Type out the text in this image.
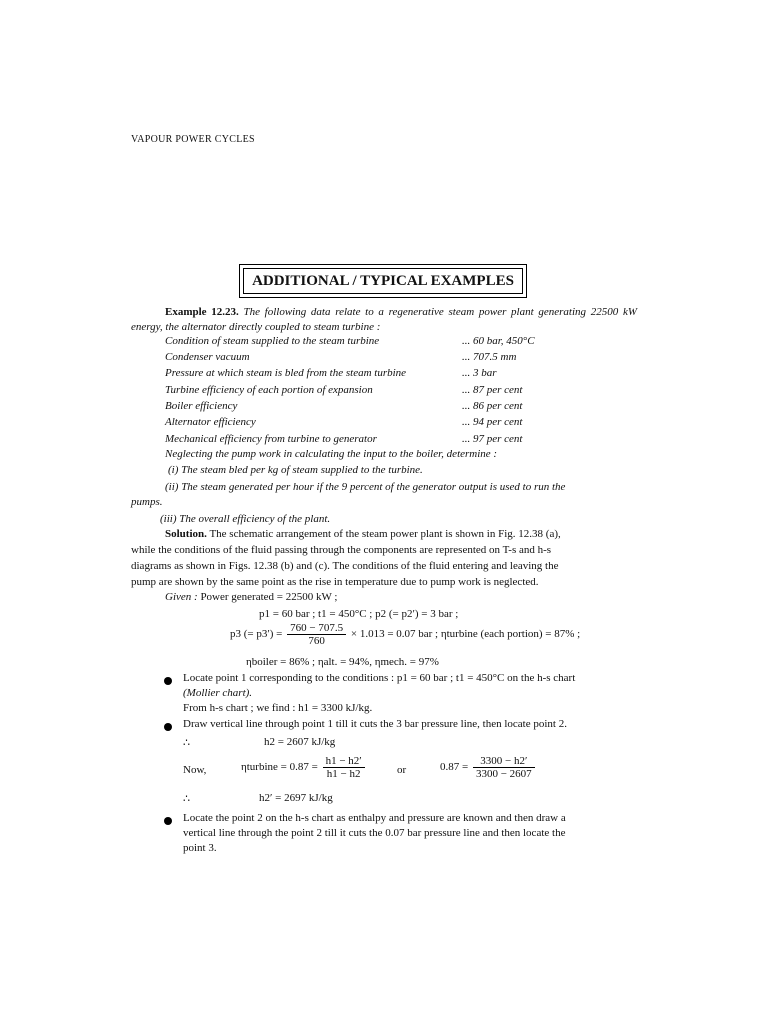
VAPOUR POWER CYCLES
ADDITIONAL / TYPICAL EXAMPLES
Example 12.23. The following data relate to a regenerative steam power plant generating 22500 kW energy, the alternator directly coupled to steam turbine :
Condition of steam supplied to the steam turbine	... 60 bar, 450°C
Condenser vacuum	... 707.5 mm
Pressure at which steam is bled from the steam turbine	... 3 bar
Turbine efficiency of each portion of expansion	... 87 per cent
Boiler efficiency	... 86 per cent
Alternator efficiency	... 94 per cent
Mechanical efficiency from turbine to generator	... 97 per cent
Neglecting the pump work in calculating the input to the boiler, determine :
(i) The steam bled per kg of steam supplied to the turbine.
(ii) The steam generated per hour if the 9 percent of the generator output is used to run the
pumps.
(iii) The overall efficiency of the plant.
Solution. The schematic arrangement of the steam power plant is shown in Fig. 12.38 (a),
while the conditions of the fluid passing through the components are represented on T-s and h-s
diagrams as shown in Figs. 12.38 (b) and (c). The conditions of the fluid entering and leaving the
pump are shown by the same point as the rise in temperature due to pump work is neglected.
Given : Power generated = 22500 kW ;
p1 = 60 bar ; t1 = 450°C ; p2 (= p2′) = 3 bar ;
p3 (= $p3') = \frac{760 - 707.5}{760} \times 1.013 = 0.07$ bar ; ηturbine (each portion) = 87% ;
ηboiler = 86% ; ηalt. = 94%, ηmech. = 97%
Locate point 1 corresponding to the conditions : p1 = 60 bar ; t1 = 450°C on the h-s chart
(Mollier chart).
From h-s chart ; we find : h1 = 3300 kJ/kg.
Draw vertical line through point 1 till it cuts the 3 bar pressure line, then locate point 2.
∴	h2 = 2607 kJ/kg
Now,	ηturbine = $0.87 = \frac{h1 - h2'}{h1 - h2}$	or	$0.87 = \frac{3300 - h2'}{3300 - 2607}$
∴	h2′ = 2697 kJ/kg
Locate the point 2 on the h-s chart as enthalpy and pressure are known and then draw a
vertical line through the point 2 till it cuts the 0.07 bar pressure line and then locate the
point 3.
